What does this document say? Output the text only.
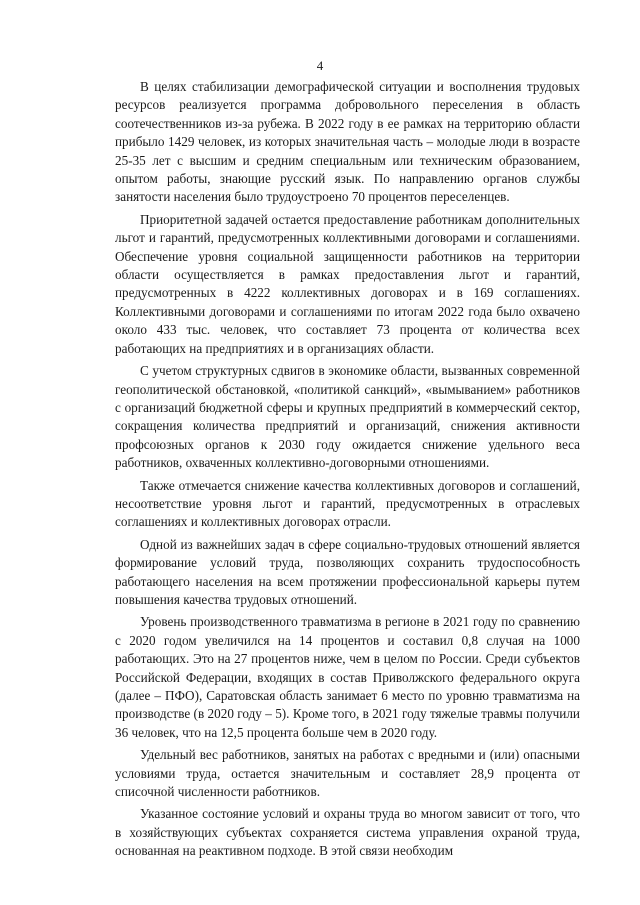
4

В целях стабилизации демографической ситуации и восполнения трудовых ресурсов реализуется программа добровольного переселения в область соотечественников из-за рубежа. В 2022 году в ее рамках на территорию области прибыло 1429 человек, из которых значительная часть – молодые люди в возрасте 25-35 лет с высшим и средним специальным или техническим образованием, опытом работы, знающие русский язык. По направлению органов службы занятости населения было трудоустроено 70 процентов переселенцев.

Приоритетной задачей остается предоставление работникам дополнительных льгот и гарантий, предусмотренных коллективными договорами и соглашениями. Обеспечение уровня социальной защищенности работников на территории области осуществляется в рамках предоставления льгот и гарантий, предусмотренных в 4222 коллективных договорах и в 169 соглашениях. Коллективными договорами и соглашениями по итогам 2022 года было охвачено около 433 тыс. человек, что составляет 73 процента от количества всех работающих на предприятиях и в организациях области.

С учетом структурных сдвигов в экономике области, вызванных современной геополитической обстановкой, «политикой санкций», «вымыванием» работников с организаций бюджетной сферы и крупных предприятий в коммерческий сектор, сокращения количества предприятий и организаций, снижения активности профсоюзных органов к 2030 году ожидается снижение удельного веса работников, охваченных коллективно-договорными отношениями.

Также отмечается снижение качества коллективных договоров и соглашений, несоответствие уровня льгот и гарантий, предусмотренных в отраслевых соглашениях и коллективных договорах отрасли.

Одной из важнейших задач в сфере социально-трудовых отношений является формирование условий труда, позволяющих сохранить трудоспособность работающего населения на всем протяжении профессиональной карьеры путем повышения качества трудовых отношений.

Уровень производственного травматизма в регионе в 2021 году по сравнению с 2020 годом увеличился на 14 процентов и составил 0,8 случая на 1000 работающих. Это на 27 процентов ниже, чем в целом по России. Среди субъектов Российской Федерации, входящих в состав Приволжского федерального округа (далее – ПФО), Саратовская область занимает 6 место по уровню травматизма на производстве (в 2020 году – 5). Кроме того, в 2021 году тяжелые травмы получили 36 человек, что на 12,5 процента больше чем в 2020 году.

Удельный вес работников, занятых на работах с вредными и (или) опасными условиями труда, остается значительным и составляет 28,9 процента от списочной численности работников.

Указанное состояние условий и охраны труда во многом зависит от того, что в хозяйствующих субъектах сохраняется система управления охраной труда, основанная на реактивном подходе. В этой связи необходим
